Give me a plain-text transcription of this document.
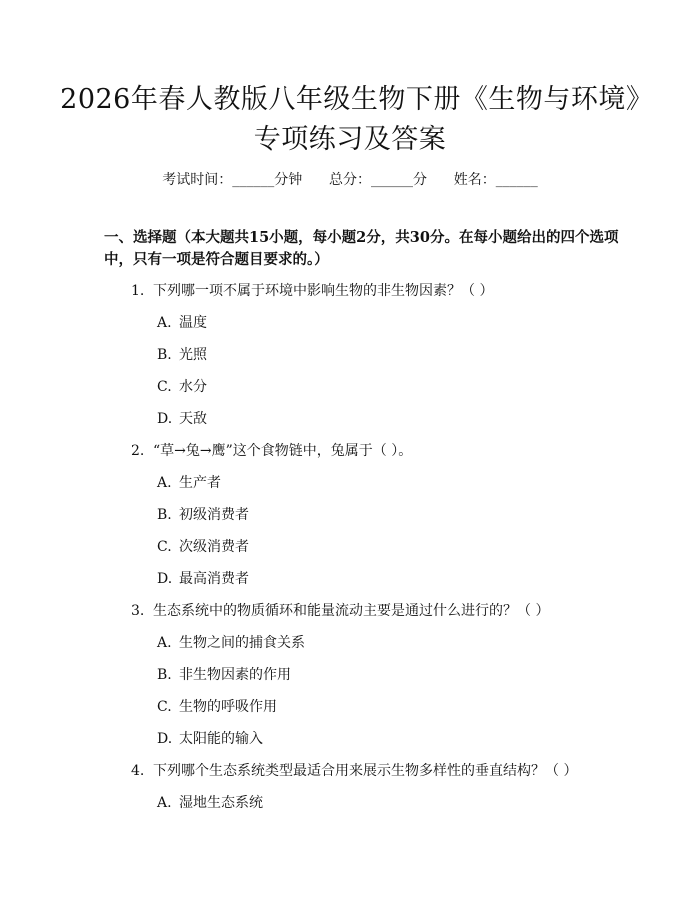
2026年春人教版八年级生物下册《生物与环境》专项练习及答案
考试时间：______分钟      总分：______分      姓名：______
一、选择题（本大题共15小题，每小题2分，共30分。在每小题给出的四个选项中，只有一项是符合题目要求的。）
1. 下列哪一项不属于环境中影响生物的非生物因素？（ ）
A. 温度
B. 光照
C. 水分
D. 天敌
2. “草→兔→鹰”这个食物链中，兔属于（ ）。
A. 生产者
B. 初级消费者
C. 次级消费者
D. 最高消费者
3. 生态系统中的物质循环和能量流动主要是通过什么进行的？（ ）
A. 生物之间的捕食关系
B. 非生物因素的作用
C. 生物的呼吸作用
D. 太阳能的输入
4. 下列哪个生态系统类型最适合用来展示生物多样性的垂直结构？（ ）
A. 湿地生态系统
